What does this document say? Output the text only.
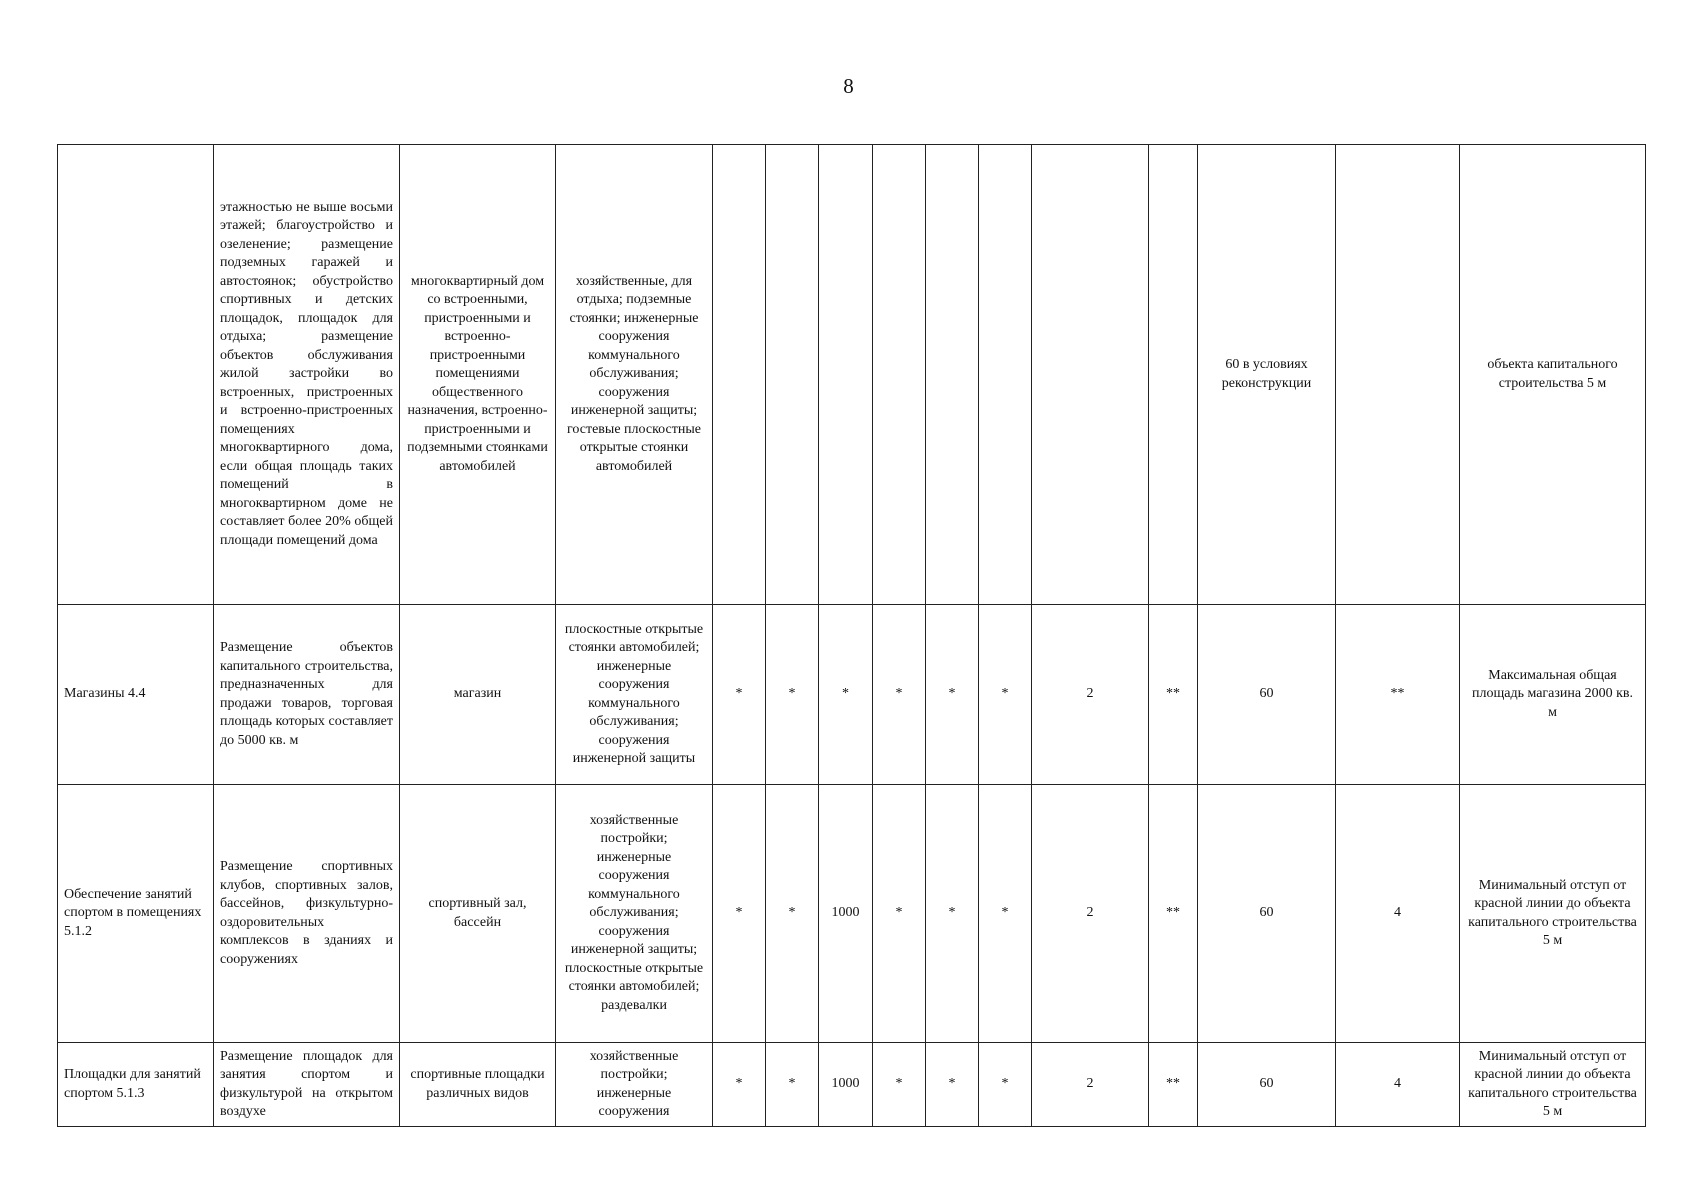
8
	этажностью не выше восьми этажей; благоустройство и озеленение; размещение подземных гаражей и автостоянок; обустройство спортивных и детских площадок, площадок для отдыха; размещение объектов обслуживания жилой застройки во встроенных, пристроенных и встроенно-пристроенных помещениях многоквартирного дома, если общая площадь таких помещений в многоквартирном доме не составляет более 20% общей площади помещений дома	многоквартирный дом со встроенными, пристроенными и встроенно-пристроенными помещениями общественного назначения, встроенно-пристроенными и подземными стоянками автомобилей	хозяйственные, для отдыха; подземные стоянки; инженерные сооружения коммунального обслуживания; сооружения инженерной защиты; гостевые плоскостные открытые стоянки автомобилей									60 в условиях реконструкции		объекта капитального строительства 5 м
Магазины 4.4	Размещение объектов капитального строительства, предназначенных для продажи товаров, торговая площадь которых составляет до 5000 кв. м	магазин	плоскостные открытые стоянки автомобилей; инженерные сооружения коммунального обслуживания; сооружения инженерной защиты	*	*	*	*	*	*	2	**	60	**	Максимальная общая площадь магазина 2000 кв. м
Обеспечение занятий спортом в помещениях 5.1.2	Размещение спортивных клубов, спортивных залов, бассейнов, физкультурно-оздоровительных комплексов в зданиях и сооружениях	спортивный зал, бассейн	хозяйственные постройки; инженерные сооружения коммунального обслуживания; сооружения инженерной защиты; плоскостные открытые стоянки автомобилей; раздевалки	*	*	1000	*	*	*	2	**	60	4	Минимальный отступ от красной линии до объекта капитального строительства 5 м
Площадки для занятий спортом 5.1.3	Размещение площадок для занятия спортом и физкультурой на открытом воздухе	спортивные площадки различных видов	хозяйственные постройки; инженерные сооружения	*	*	1000	*	*	*	2	**	60	4	Минимальный отступ от красной линии до объекта капитального строительства 5 м
